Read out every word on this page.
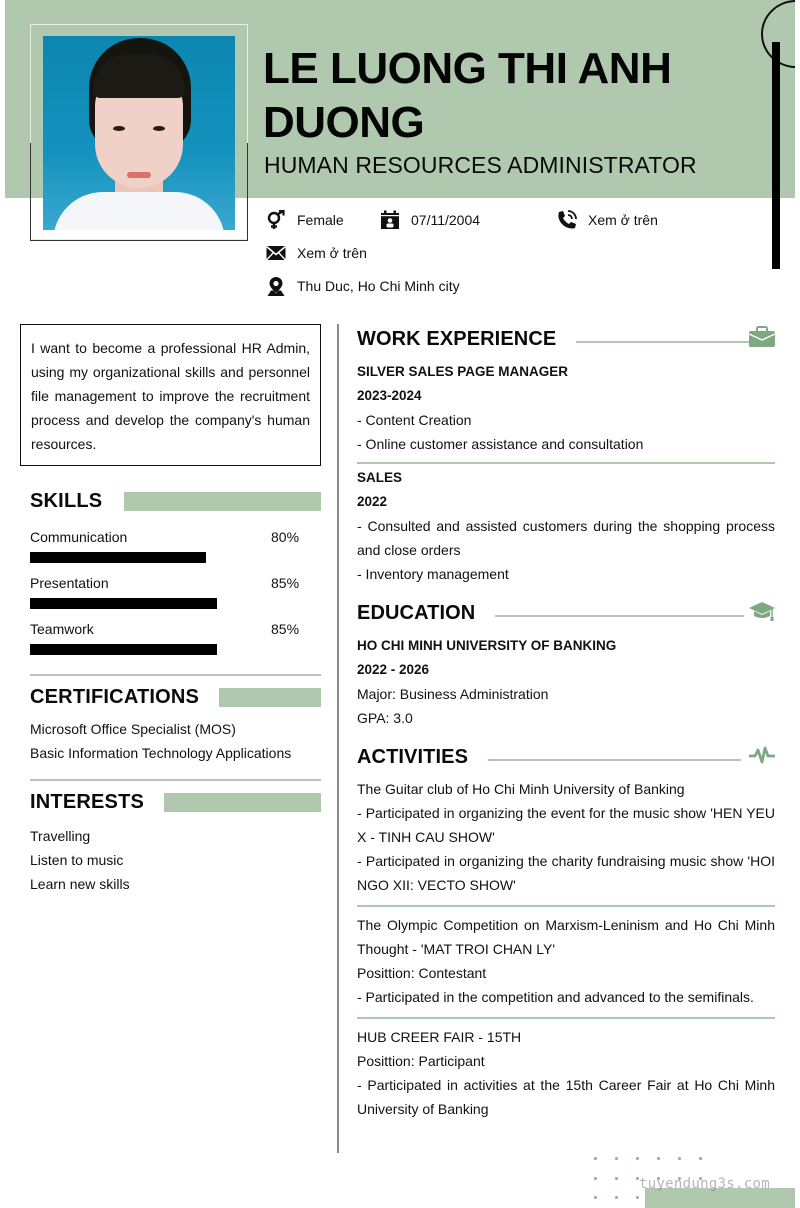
LE LUONG THI ANH DUONG
HUMAN RESOURCES ADMINISTRATOR
Female	07/11/2004	Xem ở trên
Xem ở trên
Thu Duc, Ho Chi Minh city
I want to become a professional HR Admin, using my organizational skills and personnel file management to improve the recruitment process and develop the company's human resources.
SKILLS
Communication	80%
Presentation	85%
Teamwork	85%
CERTIFICATIONS
Microsoft Office Specialist (MOS)
Basic Information Technology Applications
INTERESTS
Travelling
Listen to music
Learn new skills
WORK EXPERIENCE
SILVER SALES PAGE MANAGER
2023-2024
- Content Creation
- Online customer assistance and consultation
SALES
2022
- Consulted and assisted customers during the shopping process and close orders
- Inventory management
EDUCATION
HO CHI MINH UNIVERSITY OF BANKING
2022 - 2026
Major: Business Administration
GPA: 3.0
ACTIVITIES
The Guitar club of Ho Chi Minh University of Banking
- Participated in organizing the event for the music show 'HEN YEU X - TINH CAU SHOW'
- Participated in organizing the charity fundraising music show 'HOI NGO XII: VECTO SHOW'
The Olympic Competition on Marxism-Leninism and Ho Chi Minh Thought - 'MAT TROI CHAN LY'
Posittion: Contestant
- Participated in the competition and advanced to the semifinals.
HUB CREER FAIR - 15TH
Posittion: Participant
- Participated in activities at the 15th Career Fair at Ho Chi Minh University of Banking
tuyendung3s.com
